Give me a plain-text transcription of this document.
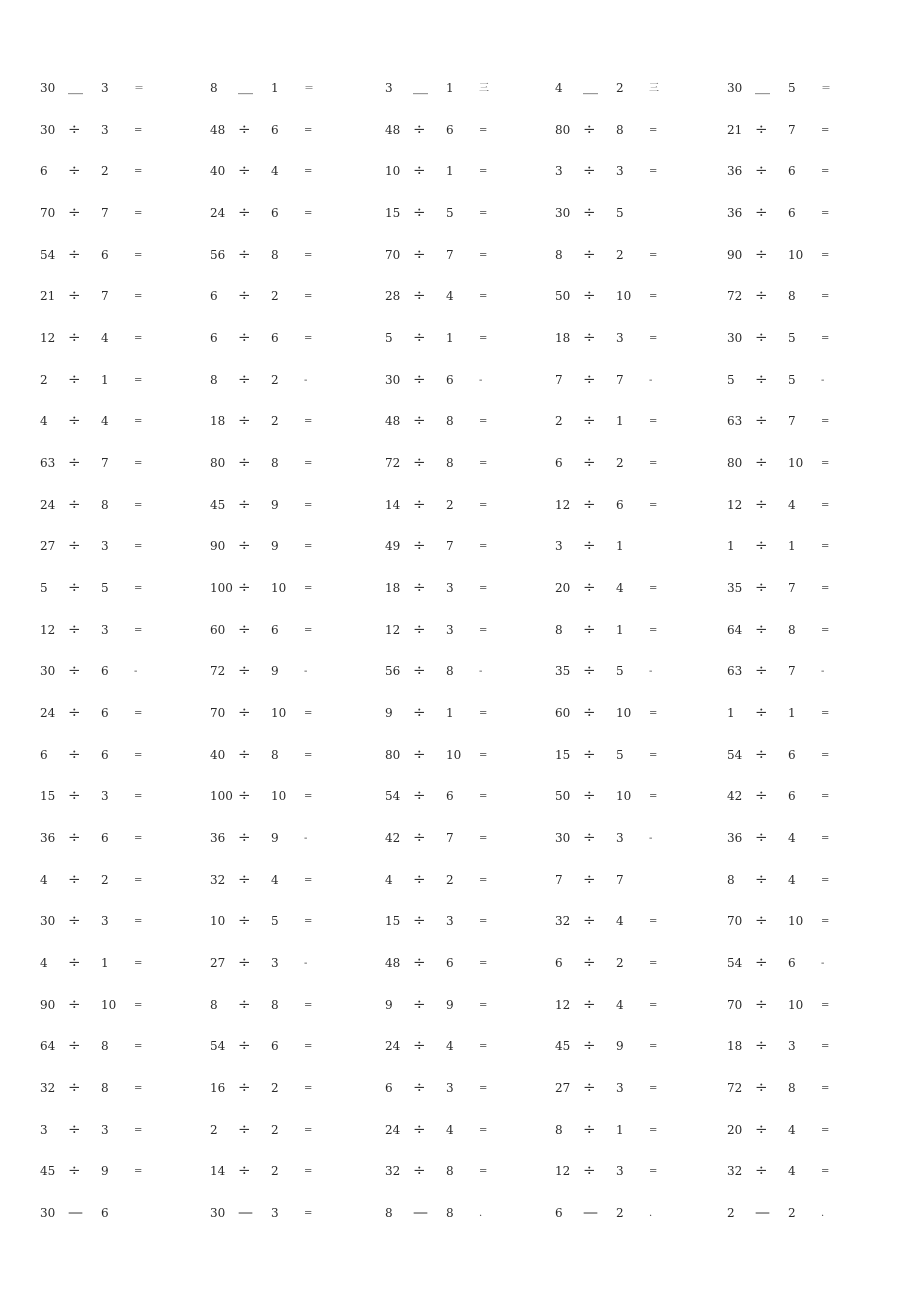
30 ＿ 3	＝	8 ＿ 1	＝	3 ＿ 1	三	4 ＿ 2	三	30 ＿ 5	＝
30 ÷ 3	=	48 ÷ 6	=	48 ÷ 6	=	80 ÷ 8	=	21 ÷ 7	=
6 ÷ 2	=	40 ÷ 4	=	10 ÷ 1	=	3 ÷ 3	=	36 ÷ 6	=
70 ÷ 7	=	24 ÷ 6	=	15 ÷ 5	=	30 ÷ 5	36 ÷ 6	=
54 ÷ 6	=	56 ÷ 8	=	70 ÷ 7	=	8 ÷ 2	=	90 ÷ 10 =
21 ÷ 7	=	6 ÷ 2	=	28 ÷ 4	=	50 ÷ 10 =	72 ÷ 8	=
12 ÷ 4	=	6 ÷ 6	=	5 ÷ 1	=	18 ÷ 3	=	30 ÷ 5	=
2 ÷ 1	=	8 ÷ 2	-	30 ÷ 6	-	7 ÷ 7	-	5 ÷ 5	-
4 ÷ 4	=	18 ÷ 2	=	48 ÷ 8	=	2 ÷ 1	=	63 ÷ 7	=
63 ÷ 7	=	80 ÷ 8	=	72 ÷ 8	=	6 ÷ 2	=	80 ÷ 10 =
24 ÷ 8	=	45 ÷ 9	=	14 ÷ 2	=	12 ÷ 6	=	12 ÷ 4	=
27 ÷ 3	=	90 ÷ 9	=	49 ÷ 7	=	3 ÷ 1	1 ÷ 1	=
5 ÷ 5	=	100 ÷ 10 =	18 ÷ 3	=	20 ÷ 4	=	35 ÷ 7	=
12 ÷ 3	=	60 ÷ 6	=	12 ÷ 3	=	8 ÷ 1	=	64 ÷ 8	=
30 ÷ 6	-	72 ÷ 9	-	56 ÷ 8	-	35 ÷ 5	-	63 ÷ 7	-
24 ÷ 6	=	70 ÷ 10 =	9 ÷ 1	=	60 ÷ 10 =	1 ÷ 1	=
6 ÷ 6	=	40 ÷ 8	=	80 ÷ 10 =	15 ÷ 5	=	54 ÷ 6	=
15 ÷ 3	=	100 ÷ 10 =	54 ÷ 6	=	50 ÷ 10 =	42 ÷ 6	=
36 ÷ 6	=	36 ÷ 9	-	42 ÷ 7	=	30 ÷ 3	-	36 ÷ 4	=
4 ÷ 2	=	32 ÷ 4	=	4 ÷ 2	=	7 ÷ 7	8 ÷ 4	=
30 ÷ 3	=	10 ÷ 5	=	15 ÷ 3	=	32 ÷ 4	=	70 ÷ 10 =
4 ÷ 1	=	27 ÷ 3	-	48 ÷ 6	=	6 ÷ 2	=	54 ÷ 6	-
90 ÷ 10 =	8 ÷ 8	=	9 ÷ 9	=	12 ÷ 4	=	70 ÷ 10 =
64 ÷ 8	=	54 ÷ 6	=	24 ÷ 4	=	45 ÷ 9	=	18 ÷ 3	=
32 ÷ 8	=	16 ÷ 2	=	6 ÷ 3	=	27 ÷ 3	=	72 ÷ 8	=
3 ÷ 3	=	2 ÷ 2	=	24 ÷ 4	=	8 ÷ 1	=	20 ÷ 4	=
45 ÷ 9	=	14 ÷ 2	=	32 ÷ 8	=	12 ÷ 3	=	32 ÷ 4	=
30 — 6	30 — 3	=	8 — 8	.	6 — 2	.	2 — 2	.
